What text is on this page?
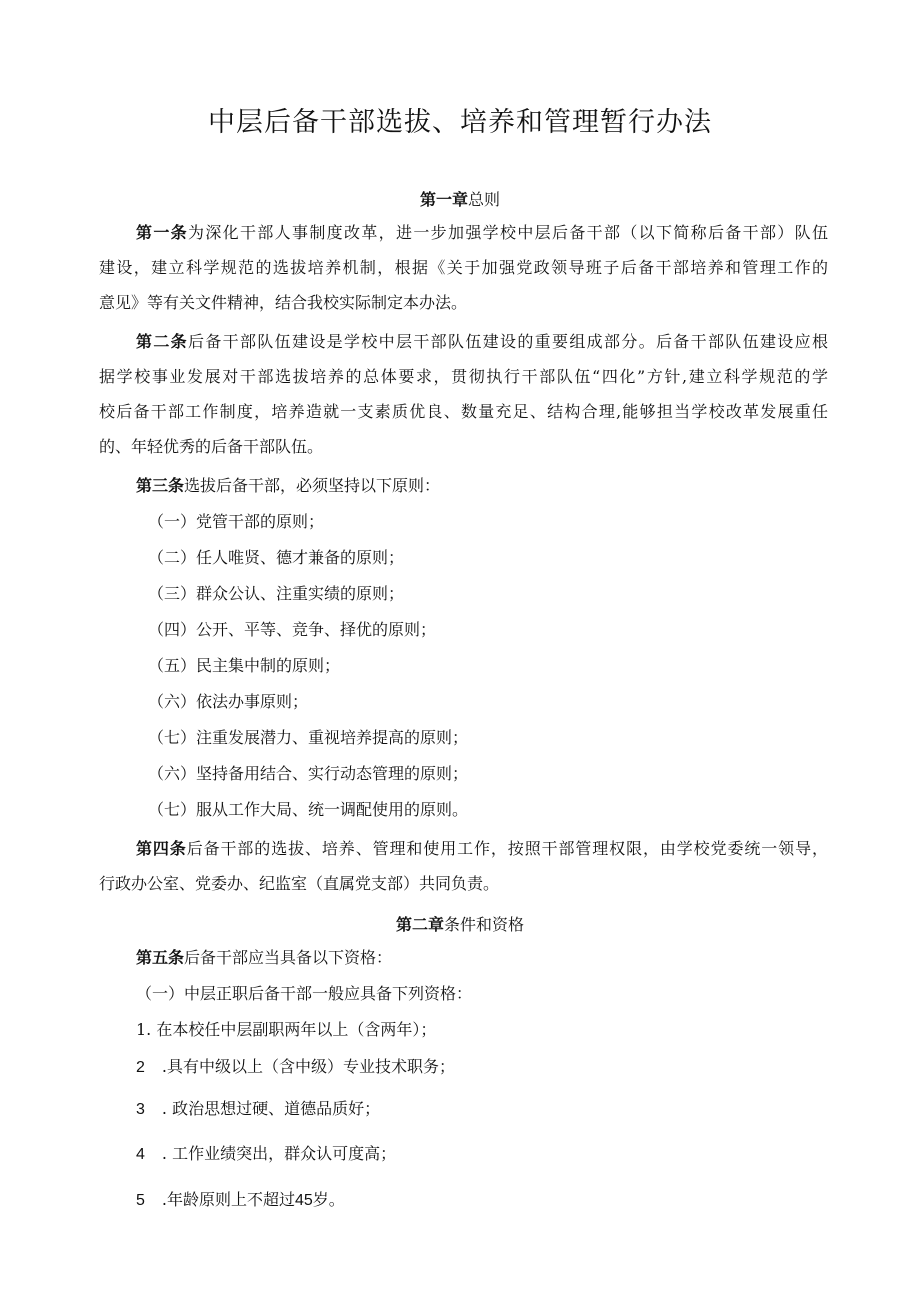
中层后备干部选拔、培养和管理暂行办法
第一章总则
第一条为深化干部人事制度改革，进一步加强学校中层后备干部（以下简称后备干部）队伍
建设，建立科学规范的选拔培养机制，根据《关于加强党政领导班子后备干部培养和管理工作的
意见》等有关文件精神，结合我校实际制定本办法。
第二条后备干部队伍建设是学校中层干部队伍建设的重要组成部分。后备干部队伍建设应根
据学校事业发展对干部选拔培养的总体要求，贯彻执行干部队伍“四化”方针,建立科学规范的学
校后备干部工作制度，培养造就一支素质优良、数量充足、结构合理,能够担当学校改革发展重任
的、年轻优秀的后备干部队伍。
第三条选拔后备干部，必须坚持以下原则：
（一）党管干部的原则；
（二）任人唯贤、德才兼备的原则；
（三）群众公认、注重实绩的原则；
（四）公开、平等、竞争、择优的原则；
（五）民主集中制的原则；
（六）依法办事原则；
（七）注重发展潜力、重视培养提高的原则；
（六）坚持备用结合、实行动态管理的原则；
（七）服从工作大局、统一调配使用的原则。
第四条后备干部的选拔、培养、管理和使用工作，按照干部管理权限，由学校党委统一领导，
行政办公室、党委办、纪监室（直属党支部）共同负责。
第二章条件和资格
第五条后备干部应当具备以下资格：
（一）中层正职后备干部一般应具备下列资格：
1. 在本校任中层副职两年以上（含两年）；
2 .具有中级以上（含中级）专业技术职务；
3 . 政治思想过硬、道德品质好；
4 . 工作业绩突出，群众认可度高；
5 .年龄原则上不超过45岁。
